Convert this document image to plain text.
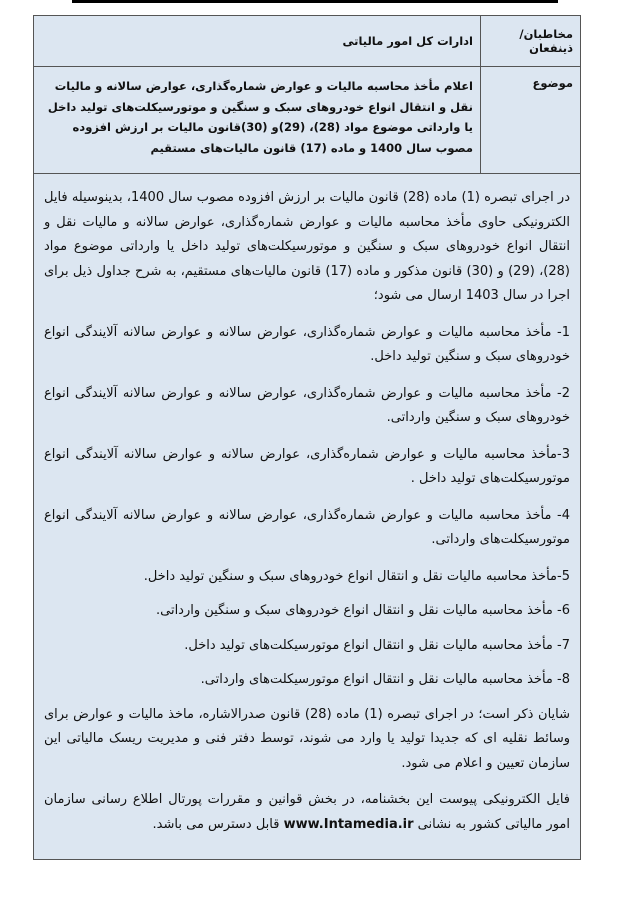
مخاطبان/ ذینفعان
ادارات کل امور مالیاتی
موضوع
اعلام مأخذ محاسبه مالیات و عوارض شماره‌گذاری، عوارض سالانه و مالیات نقل و انتقال انواع خودروهای سبک و سنگین و موتورسیکلت‌های تولید داخل یا وارداتی موضوع مواد (28)، (29)و (30)قانون مالیات بر ارزش افزوده مصوب سال 1400 و ماده (17) قانون مالیات‌های مستقیم

در اجرای تبصره (1) ماده (28) قانون مالیات بر ارزش افزوده مصوب سال 1400، بدینوسیله فایل الکترونیکی حاوی مأخذ محاسبه مالیات و عوارض شماره‌گذاری، عوارض سالانه و مالیات نقل و انتقال انواع خودروهای سبک و سنگین و موتورسیکلت‌های تولید داخل یا وارداتی موضوع مواد (28)، (29) و (30) قانون مذکور و ماده (17) قانون مالیات‌های مستقیم، به شرح جداول ذیل برای اجرا در سال 1403 ارسال می شود؛

1- مأخذ محاسبه مالیات و عوارض شماره‌گذاری، عوارض سالانه و عوارض سالانه آلایندگی انواع خودروهای سبک و سنگین تولید داخل.

2- مأخذ محاسبه مالیات و عوارض شماره‌گذاری، عوارض سالانه و عوارض سالانه آلایندگی انواع خودروهای سبک و سنگین وارداتی.

3-مأخذ محاسبه مالیات و عوارض شماره‌گذاری، عوارض سالانه و عوارض سالانه آلایندگی انواع موتورسیکلت‌های تولید داخل .

4- مأخذ محاسبه مالیات و عوارض شماره‌گذاری، عوارض سالانه و عوارض سالانه آلایندگی انواع موتورسیکلت‌های وارداتی.

5-مأخذ محاسبه مالیات نقل و انتقال انواع خودروهای سبک و سنگین تولید داخل.

6- مأخذ محاسبه مالیات نقل و انتقال انواع خودروهای سبک و سنگین وارداتی.

7- مأخذ محاسبه مالیات نقل و انتقال انواع موتورسیکلت‌های تولید داخل.

8- مأخذ محاسبه مالیات نقل و انتقال انواع موتورسیکلت‌های وارداتی.

شایان ذکر است؛ در اجرای تبصره (1) ماده (28) قانون صدرالاشاره، ماخذ مالیات و عوارض برای وسائط نقلیه ای که جدیدا تولید یا وارد می شوند، توسط دفتر فنی و مدیریت ریسک مالیاتی این سازمان تعیین و اعلام می شود.

فایل الکترونیکی پیوست این بخشنامه، در بخش قوانین و مقررات پورتال اطلاع رسانی سازمان امور مالیاتی کشور به نشانی www.Intamedia.ir قابل دسترس می باشد.
